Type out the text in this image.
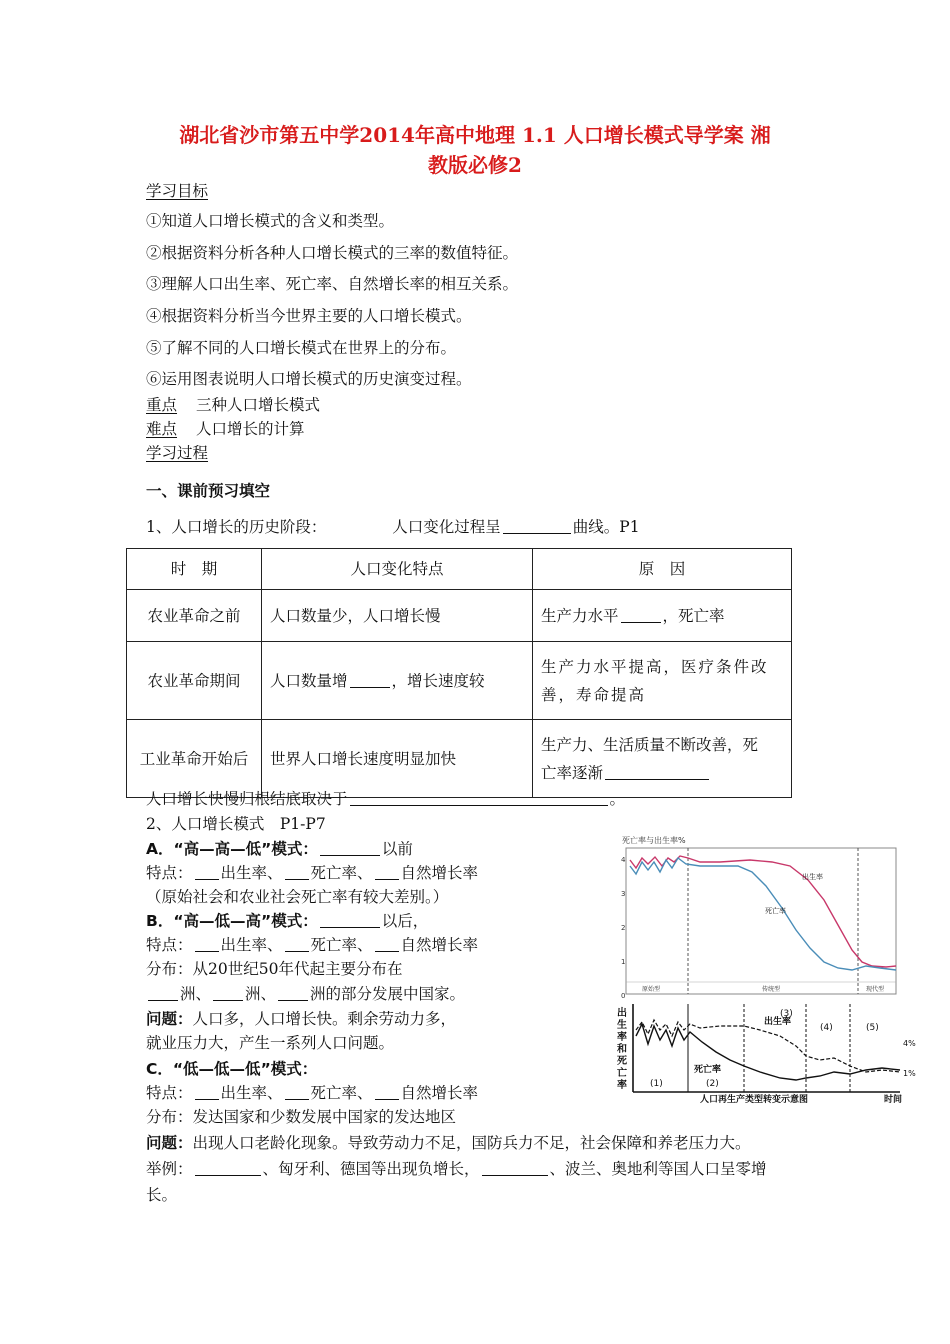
湖北省沙市第五中学2014年高中地理 1.1 人口增长模式导学案 湘
教版必修2
学习目标
①知道人口增长模式的含义和类型。
②根据资料分析各种人口增长模式的三率的数值特征。
③理解人口出生率、死亡率、自然增长率的相互关系。
④根据资料分析当今世界主要的人口增长模式。
⑤了解不同的人口增长模式在世界上的分布。
⑥运用图表说明人口增长模式的历史演变过程。
重点 三种人口增长模式
难点 人口增长的计算
学习过程
一、课前预习填空
1、人口增长的历史阶段：	人口变化过程呈	曲线。P1
时　期	人口变化特点	原　因
农业革命之前	人口数量少，人口增长慢	生产力水平 ，死亡率
农业革命期间	人口数量增 ，增长速度较	生产力水平提高，医疗条件改
善，寿命提高

工业革命开始后	世界人口增长速度明显加快	生产力、生活质量不断改善，死
亡率逐渐
人口增长快慢归根结底取决于	。
2、人口增长模式　P1-P7
A．“高—高—低”模式：	以前
特点： 出生率、 死亡率、 自然增长率
（原始社会和农业社会死亡率有较大差别。）
B．“高—低—高”模式：	以后，
特点： 出生率、 死亡率、 自然增长率
分布：从20世纪50年代起主要分布在
洲、 洲、 洲的部分发展中国家。
问题：人口多，人口增长快。剩余劳动力多，
就业压力大，产生一系列人口问题。
C．“低—低—低”模式：
特点： 出生率、 死亡率、 自然增长率
分布：发达国家和少数发展中国家的发达地区
问题：出现人口老龄化现象。导致劳动力不足，国防兵力不足，社会保障和养老压力大。
举例：	、匈牙利、德国等出现负增长，	、波兰、奥地利等国人口呈零增
长。
死亡率与出生率%
4
3
2
1
0
出生率
死亡率
原始型	传统型	现代型
出
生
率
和
死
亡
率
出生率
死亡率
(1)	(2)
(3)
(4)	(5)
4%
1%
人口再生产类型转变示意图	时间
